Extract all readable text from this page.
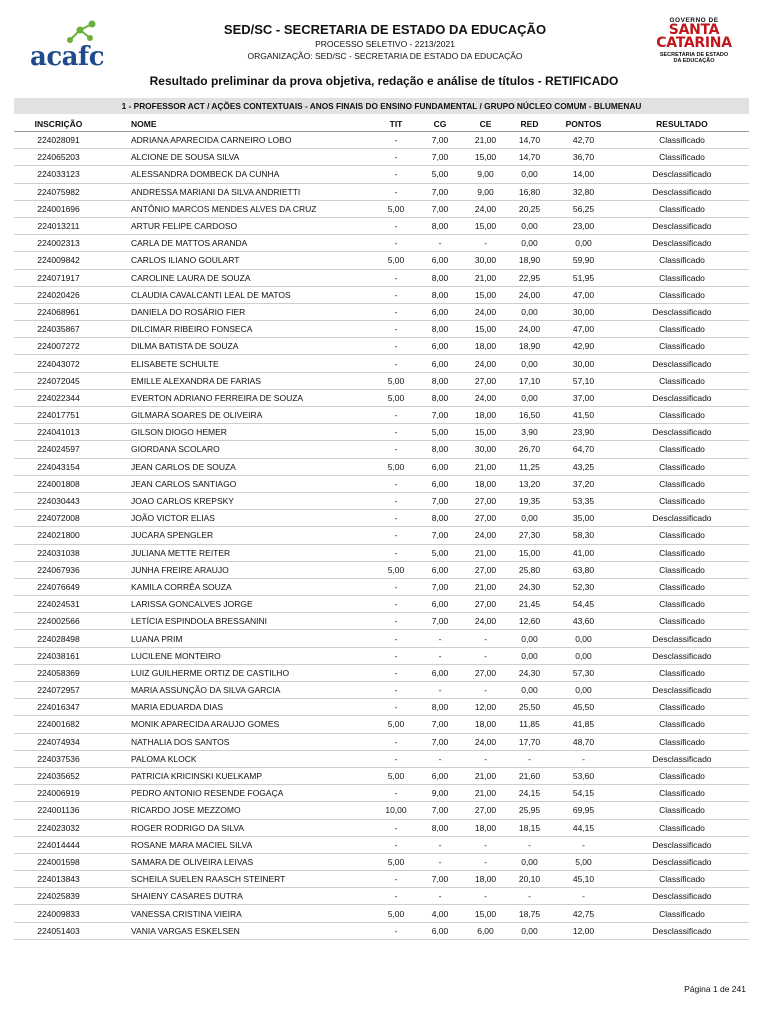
acafc
SED/SC - SECRETARIA DE ESTADO DA EDUCAÇÃO
PROCESSO SELETIVO - 2213/2021
ORGANIZAÇÃO: SED/SC - SECRETARIA DE ESTADO DA EDUCAÇÃO
GOVERNO DE
SANTA
CATARINA
SECRETARIA DE ESTADO
DA EDUCAÇÃO
Resultado preliminar da prova objetiva, redação e análise de títulos - RETIFICADO
1 - PROFESSOR ACT / AÇÕES CONTEXTUAIS - ANOS FINAIS DO ENSINO FUNDAMENTAL / GRUPO NÚCLEO COMUM - BLUMENAU
INSCRIÇÃO	NOME	TIT	CG	CE	RED	PONTOS	RESULTADO
224028091	ADRIANA APARECIDA CARNEIRO LOBO	-	7,00	21,00	14,70	42,70	Classificado
224065203	ALCIONE DE SOUSA SILVA	-	7,00	15,00	14,70	36,70	Classificado
224033123	ALESSANDRA DOMBECK DA CUNHA	-	5,00	9,00	0,00	14,00	Desclassificado
224075982	ANDRESSA MARIANI DA SILVA ANDRIETTI	-	7,00	9,00	16,80	32,80	Desclassificado
224001696	ANTÔNIO MARCOS MENDES ALVES DA CRUZ	5,00	7,00	24,00	20,25	56,25	Classificado
224013211	ARTUR FELIPE CARDOSO	-	8,00	15,00	0,00	23,00	Desclassificado
224002313	CARLA DE MATTOS ARANDA	-	-	-	0,00	0,00	Desclassificado
224009842	CARLOS ILIANO GOULART	5,00	6,00	30,00	18,90	59,90	Classificado
224071917	CAROLINE LAURA DE SOUZA	-	8,00	21,00	22,95	51,95	Classificado
224020426	CLAUDIA CAVALCANTI LEAL DE MATOS	-	8,00	15,00	24,00	47,00	Classificado
224068961	DANIELA DO ROSÁRIO FIER	-	6,00	24,00	0,00	30,00	Desclassificado
224035867	DILCIMAR RIBEIRO FONSECA	-	8,00	15,00	24,00	47,00	Classificado
224007272	DILMA BATISTA DE SOUZA	-	6,00	18,00	18,90	42,90	Classificado
224043072	ELISABETE SCHULTE	-	6,00	24,00	0,00	30,00	Desclassificado
224072045	EMILLE ALEXANDRA DE FARIAS	5,00	8,00	27,00	17,10	57,10	Classificado
224022344	EVERTON ADRIANO FERREIRA DE SOUZA	5,00	8,00	24,00	0,00	37,00	Desclassificado
224017751	GILMARA SOARES DE OLIVEIRA	-	7,00	18,00	16,50	41,50	Classificado
224041013	GILSON DIOGO HEMER	-	5,00	15,00	3,90	23,90	Desclassificado
224024597	GIORDANA SCOLARO	-	8,00	30,00	26,70	64,70	Classificado
224043154	JEAN CARLOS DE SOUZA	5,00	6,00	21,00	11,25	43,25	Classificado
224001808	JEAN CARLOS SANTIAGO	-	6,00	18,00	13,20	37,20	Classificado
224030443	JOAO CARLOS KREPSKY	-	7,00	27,00	19,35	53,35	Classificado
224072008	JOÃO VICTOR ELIAS	-	8,00	27,00	0,00	35,00	Desclassificado
224021800	JUCARA SPENGLER	-	7,00	24,00	27,30	58,30	Classificado
224031038	JULIANA METTE REITER	-	5,00	21,00	15,00	41,00	Classificado
224067936	JUNHA FREIRE ARAUJO	5,00	6,00	27,00	25,80	63,80	Classificado
224076649	KAMILA CORRÊA SOUZA	-	7,00	21,00	24,30	52,30	Classificado
224024531	LARISSA GONCALVES JORGE	-	6,00	27,00	21,45	54,45	Classificado
224002566	LETÍCIA ESPINDOLA BRESSANINI	-	7,00	24,00	12,60	43,60	Classificado
224028498	LUANA PRIM	-	-	-	0,00	0,00	Desclassificado
224038161	LUCILENE MONTEIRO	-	-	-	0,00	0,00	Desclassificado
224058369	LUIZ GUILHERME ORTIZ DE CASTILHO	-	6,00	27,00	24,30	57,30	Classificado
224072957	MARIA ASSUNÇÃO DA SILVA GARCIA	-	-	-	0,00	0,00	Desclassificado
224016347	MARIA EDUARDA DIAS	-	8,00	12,00	25,50	45,50	Classificado
224001682	MONIK APARECIDA ARAUJO GOMES	5,00	7,00	18,00	11,85	41,85	Classificado
224074934	NATHALIA DOS SANTOS	-	7,00	24,00	17,70	48,70	Classificado
224037536	PALOMA KLOCK	-	-	-	-	-	Desclassificado
224035652	PATRICIA KRICINSKI KUELKAMP	5,00	6,00	21,00	21,60	53,60	Classificado
224006919	PEDRO ANTONIO RESENDE FOGAÇA	-	9,00	21,00	24,15	54,15	Classificado
224001136	RICARDO JOSE MEZZOMO	10,00	7,00	27,00	25,95	69,95	Classificado
224023032	ROGER RODRIGO DA SILVA	-	8,00	18,00	18,15	44,15	Classificado
224014444	ROSANE MARA MACIEL SILVA	-	-	-	-	-	Desclassificado
224001598	SAMARA DE OLIVEIRA LEIVAS	5,00	-	-	0,00	5,00	Desclassificado
224013843	SCHEILA SUELEN RAASCH STEINERT	-	7,00	18,00	20,10	45,10	Classificado
224025839	SHAIENY CASARES DUTRA	-	-	-	-	-	Desclassificado
224009833	VANESSA CRISTINA VIEIRA	5,00	4,00	15,00	18,75	42,75	Classificado
224051403	VANIA VARGAS ESKELSEN	-	6,00	6,00	0,00	12,00	Desclassificado
Página 1 de 241
